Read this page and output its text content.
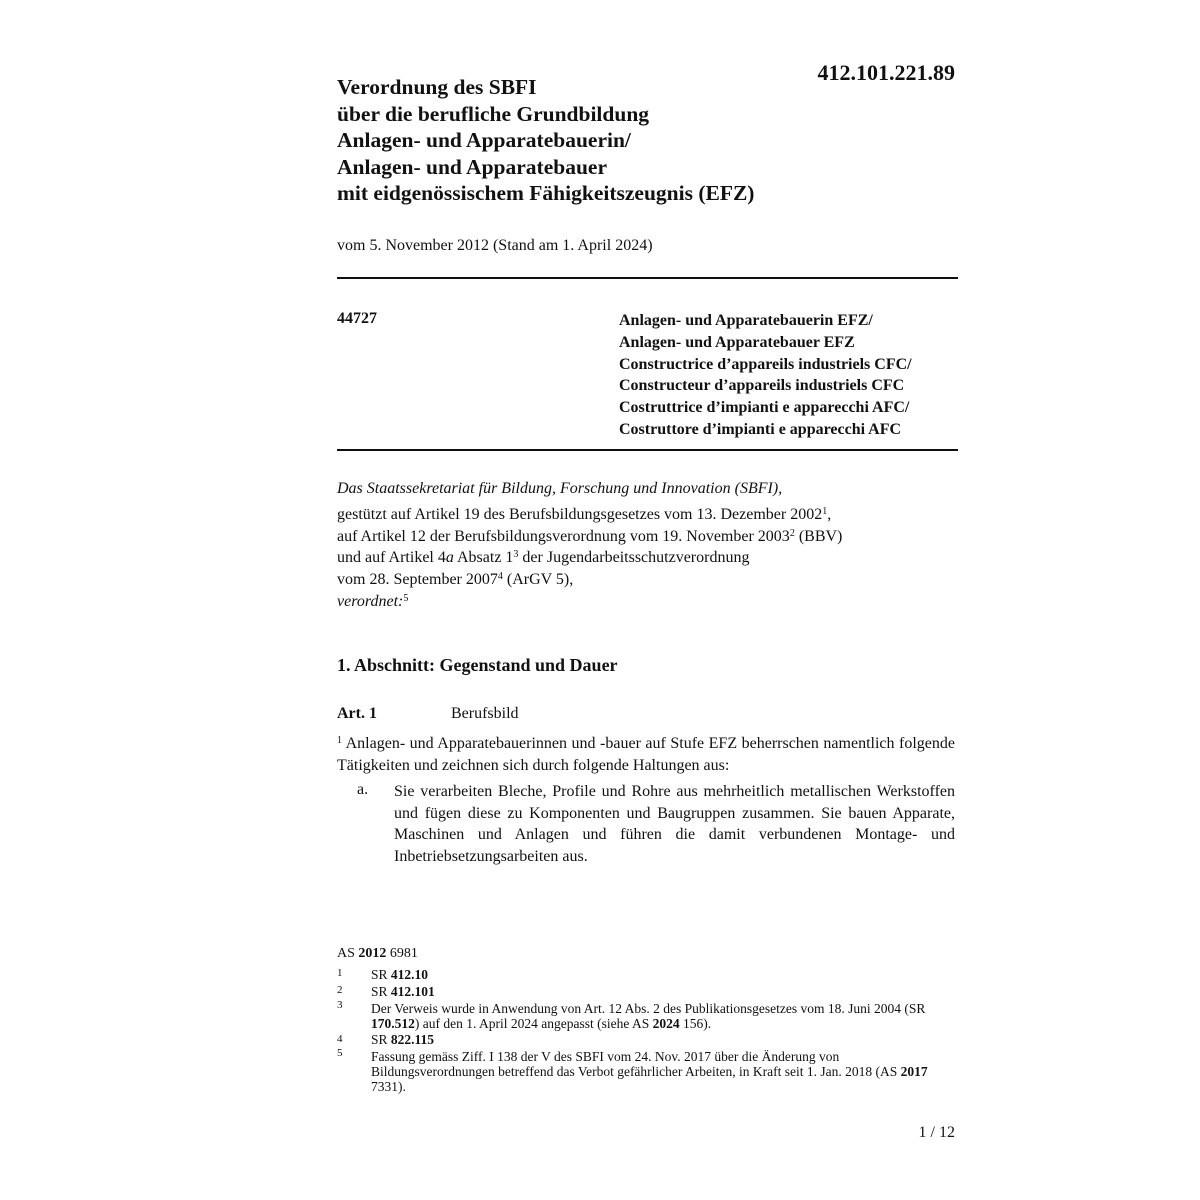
412.101.221.89
Verordnung des SBFI
über die berufliche Grundbildung
Anlagen- und Apparatebauerin/
Anlagen- und Apparatebauer
mit eidgenössischem Fähigkeitszeugnis (EFZ)
vom 5. November 2012 (Stand am 1. April 2024)
44727	Anlagen- und Apparatebauerin EFZ/
Anlagen- und Apparatebauer EFZ
Constructrice d’appareils industriels CFC/
Constructeur d’appareils industriels CFC
Costruttrice d’impianti e apparecchi AFC/
Costruttore d’impianti e apparecchi AFC
Das Staatssekretariat für Bildung, Forschung und Innovation (SBFI),
gestützt auf Artikel 19 des Berufsbildungsgesetzes vom 13. Dezember 2002$^1$,
auf Artikel 12 der Berufsbildungsverordnung vom 19. November 2003$^2$ (BBV)
und auf Artikel 4a Absatz $1^3$ der Jugendarbeitsschutzverordnung
vom 28. September 2007$^4$ (ArGV 5),
verordnet:$^5$
1. Abschnitt: Gegenstand und Dauer
Art. 1	Berufsbild
$^1$ Anlagen- und Apparatebauerinnen und -bauer auf Stufe EFZ beherrschen namentlich folgende Tätigkeiten und zeichnen sich durch folgende Haltungen aus:
a. Sie verarbeiten Bleche, Profile und Rohre aus mehrheitlich metallischen Werkstoffen und fügen diese zu Komponenten und Baugruppen zusammen. Sie bauen Apparate, Maschinen und Anlagen und führen die damit verbundenen Montage- und Inbetriebsetzungsarbeiten aus.
AS 2012 6981
1 SR 412.10
2 SR 412.101
3 Der Verweis wurde in Anwendung von Art. 12 Abs. 2 des Publikationsgesetzes vom 18. Juni 2004 (SR 170.512) auf den 1. April 2024 angepasst (siehe AS 2024 156).
4 SR 822.115
5 Fassung gemäss Ziff. I 138 der V des SBFI vom 24. Nov. 2017 über die Änderung von Bildungsverordnungen betreffend das Verbot gefährlicher Arbeiten, in Kraft seit 1. Jan. 2018 (AS 2017 7331).
1 / 12
